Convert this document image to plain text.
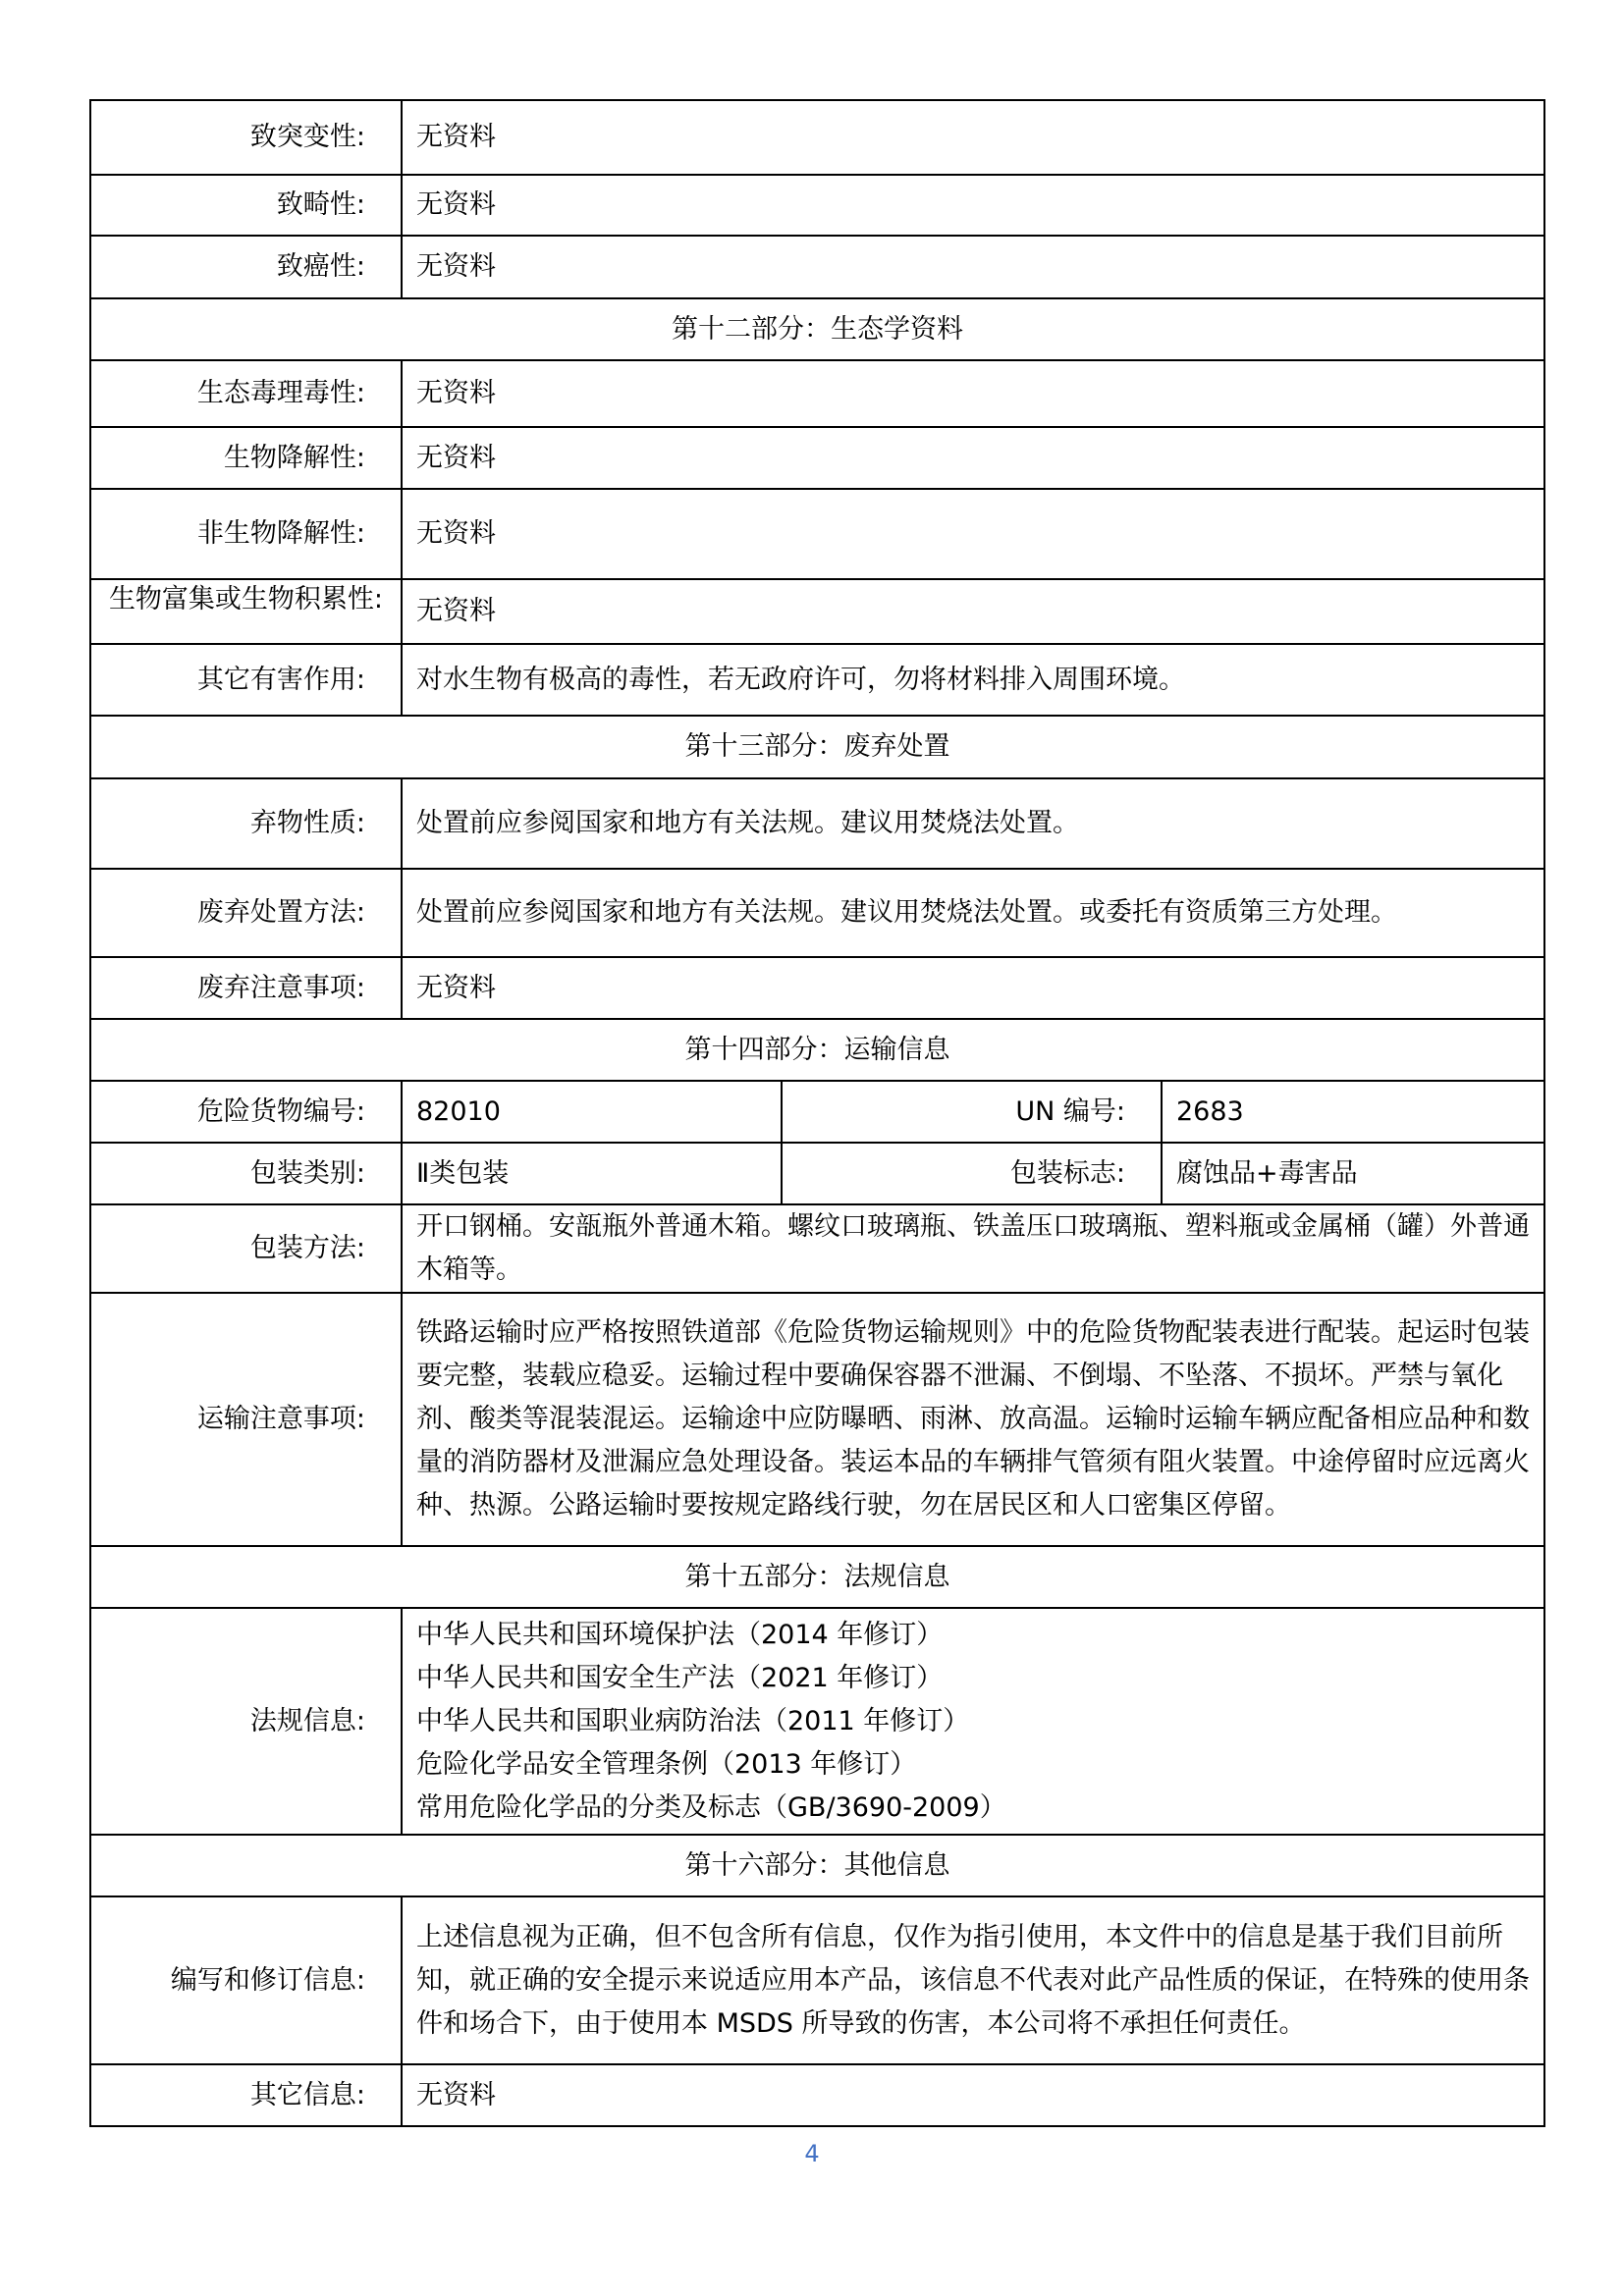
致突变性:	无资料		
致畸性:	无资料		
致癌性:	无资料		
第十二部分：生态学资料			
生态毒理毒性:	无资料		
生物降解性:	无资料		
非生物降解性:	无资料		

生物富集或生物积累性:	无资料		
其它有害作用:	对水生物有极高的毒性，若无政府许可，勿将材料排入周围环境。		
第十三部分：废弃处置			
弃物性质:	处置前应参阅国家和地方有关法规。建议用焚烧法处置。		
废弃处置方法:	处置前应参阅国家和地方有关法规。建议用焚烧法处置。或委托有资质第三方处理。		
废弃注意事项:	无资料		
第十四部分：运输信息			
危险货物编号:	82010	UN 编号:	2683
包装类别:	Ⅱ类包装	包装标志:	腐蚀品+毒害品
包装方法:	开口钢桶。安瓿瓶外普通木箱。螺纹口玻璃瓶、铁盖压口玻璃瓶、塑料瓶或金属桶（罐）外普通木箱等。		
运输注意事项:	铁路运输时应严格按照铁道部《危险货物运输规则》中的危险货物配装表进行配装。起运时包装要完整，装载应稳妥。运输过程中要确保容器不泄漏、不倒塌、不坠落、不损坏。严禁与氧化剂、酸类等混装混运。运输途中应防曝晒、雨淋、放高温。运输时运输车辆应配备相应品种和数量的消防器材及泄漏应急处理设备。装运本品的车辆排气管须有阻火装置。中途停留时应远离火种、热源。公路运输时要按规定路线行驶，勿在居民区和人口密集区停留。		
第十五部分：法规信息			
法规信息:	中华人民共和国环境保护法（2014 年修订）
中华人民共和国安全生产法（2021 年修订）
中华人民共和国职业病防治法（2011 年修订）
危险化学品安全管理条例（2013 年修订）
常用危险化学品的分类及标志（GB/3690-2009）		

第十六部分：其他信息			
编写和修订信息:	上述信息视为正确，但不包含所有信息，仅作为指引使用，本文件中的信息是基于我们目前所知，就正确的安全提示来说适应用本产品，该信息不代表对此产品性质的保证，在特殊的使用条件和场合下，由于使用本 MSDS 所导致的伤害，本公司将不承担任何责任。		
其它信息:	无资料		
4
